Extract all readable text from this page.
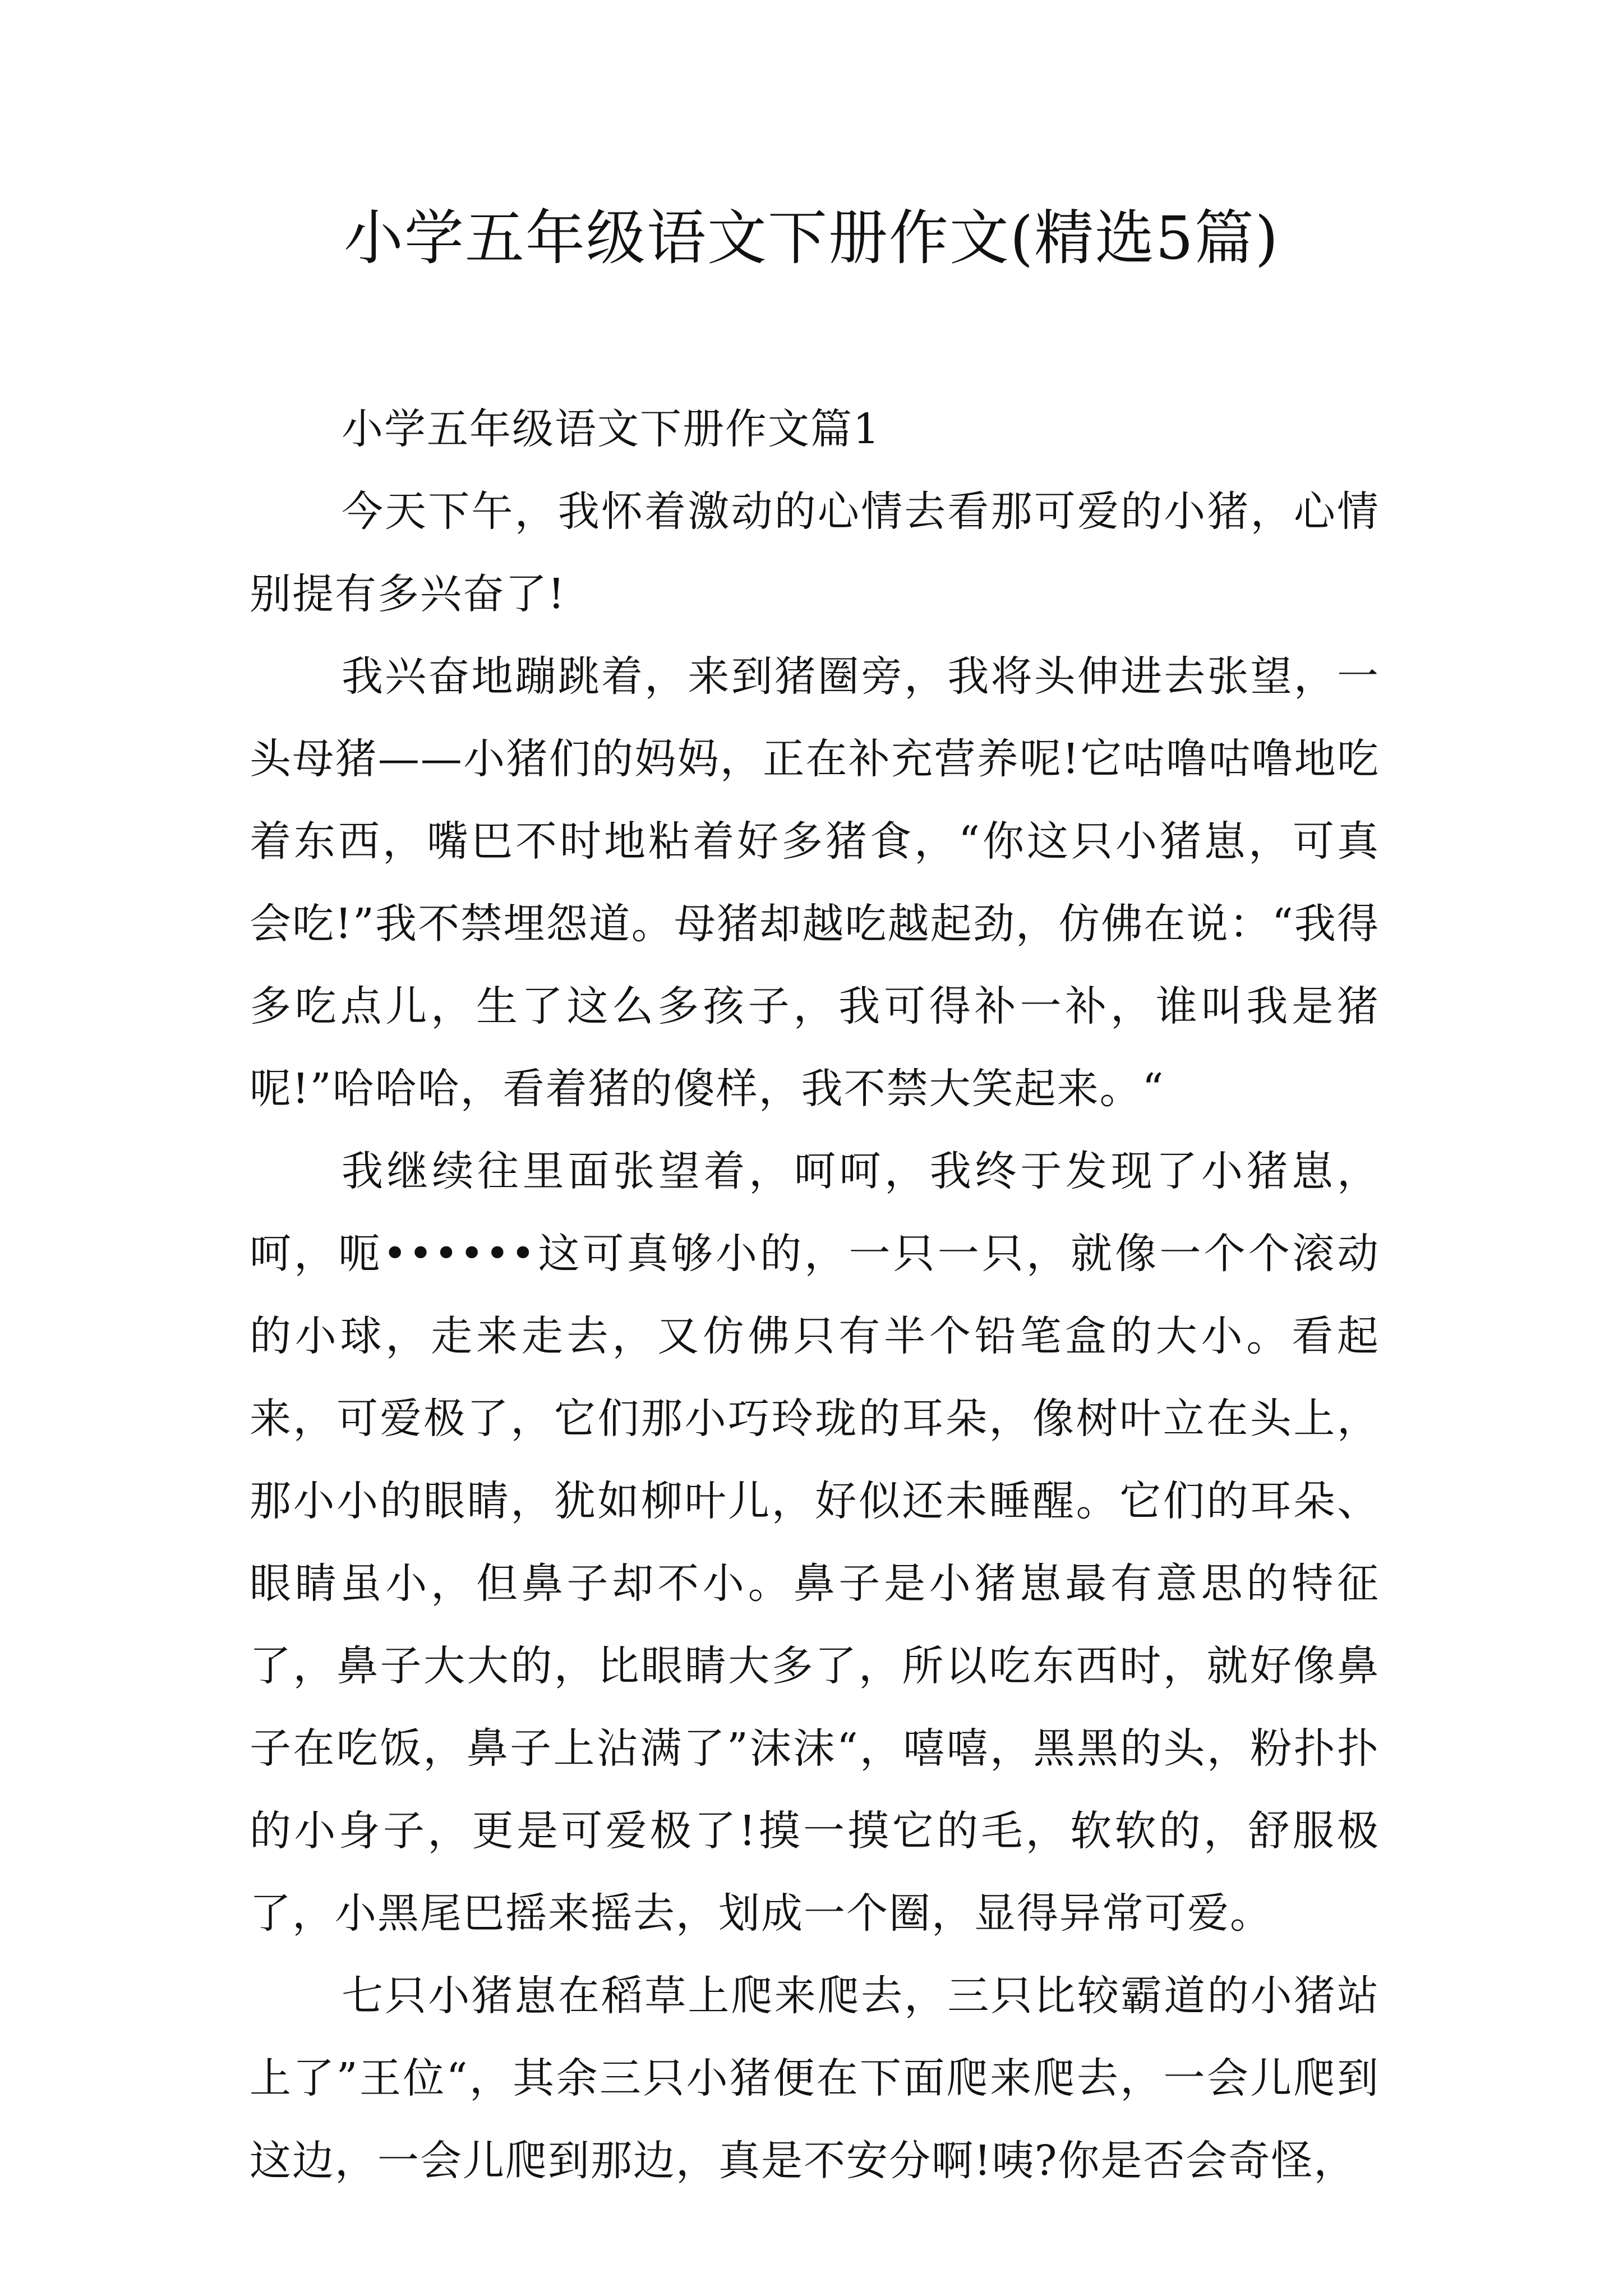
小学五年级语文下册作文(精选5篇)

小学五年级语文下册作文篇1

今天下午，我怀着激动的心情去看那可爱的小猪，心情别提有多兴奋了!

我兴奋地蹦跳着，来到猪圈旁，我将头伸进去张望，一头母猪——小猪们的妈妈，正在补充营养呢!它咕噜咕噜地吃着东西，嘴巴不时地粘着好多猪食，“你这只小猪崽，可真会吃!”我不禁埋怨道。母猪却越吃越起劲，仿佛在说：“我得多吃点儿，生了这么多孩子，我可得补一补，谁叫我是猪呢!”哈哈哈，看着猪的傻样，我不禁大笑起来。“

我继续往里面张望着，呵呵，我终于发现了小猪崽，呵，呃••••••这可真够小的，一只一只，就像一个个滚动的小球，走来走去，又仿佛只有半个铅笔盒的大小。看起来，可爱极了，它们那小巧玲珑的耳朵，像树叶立在头上，那小小的眼睛，犹如柳叶儿，好似还未睡醒。它们的耳朵、眼睛虽小，但鼻子却不小。鼻子是小猪崽最有意思的特征了，鼻子大大的，比眼睛大多了，所以吃东西时，就好像鼻子在吃饭，鼻子上沾满了”沫沫“，嘻嘻，黑黑的头，粉扑扑的小身子，更是可爱极了!摸一摸它的毛，软软的，舒服极了，小黑尾巴摇来摇去，划成一个圈，显得异常可爱。

七只小猪崽在稻草上爬来爬去，三只比较霸道的小猪站上了”王位“，其余三只小猪便在下面爬来爬去，一会儿爬到这边，一会儿爬到那边，真是不安分啊!咦?你是否会奇怪，
